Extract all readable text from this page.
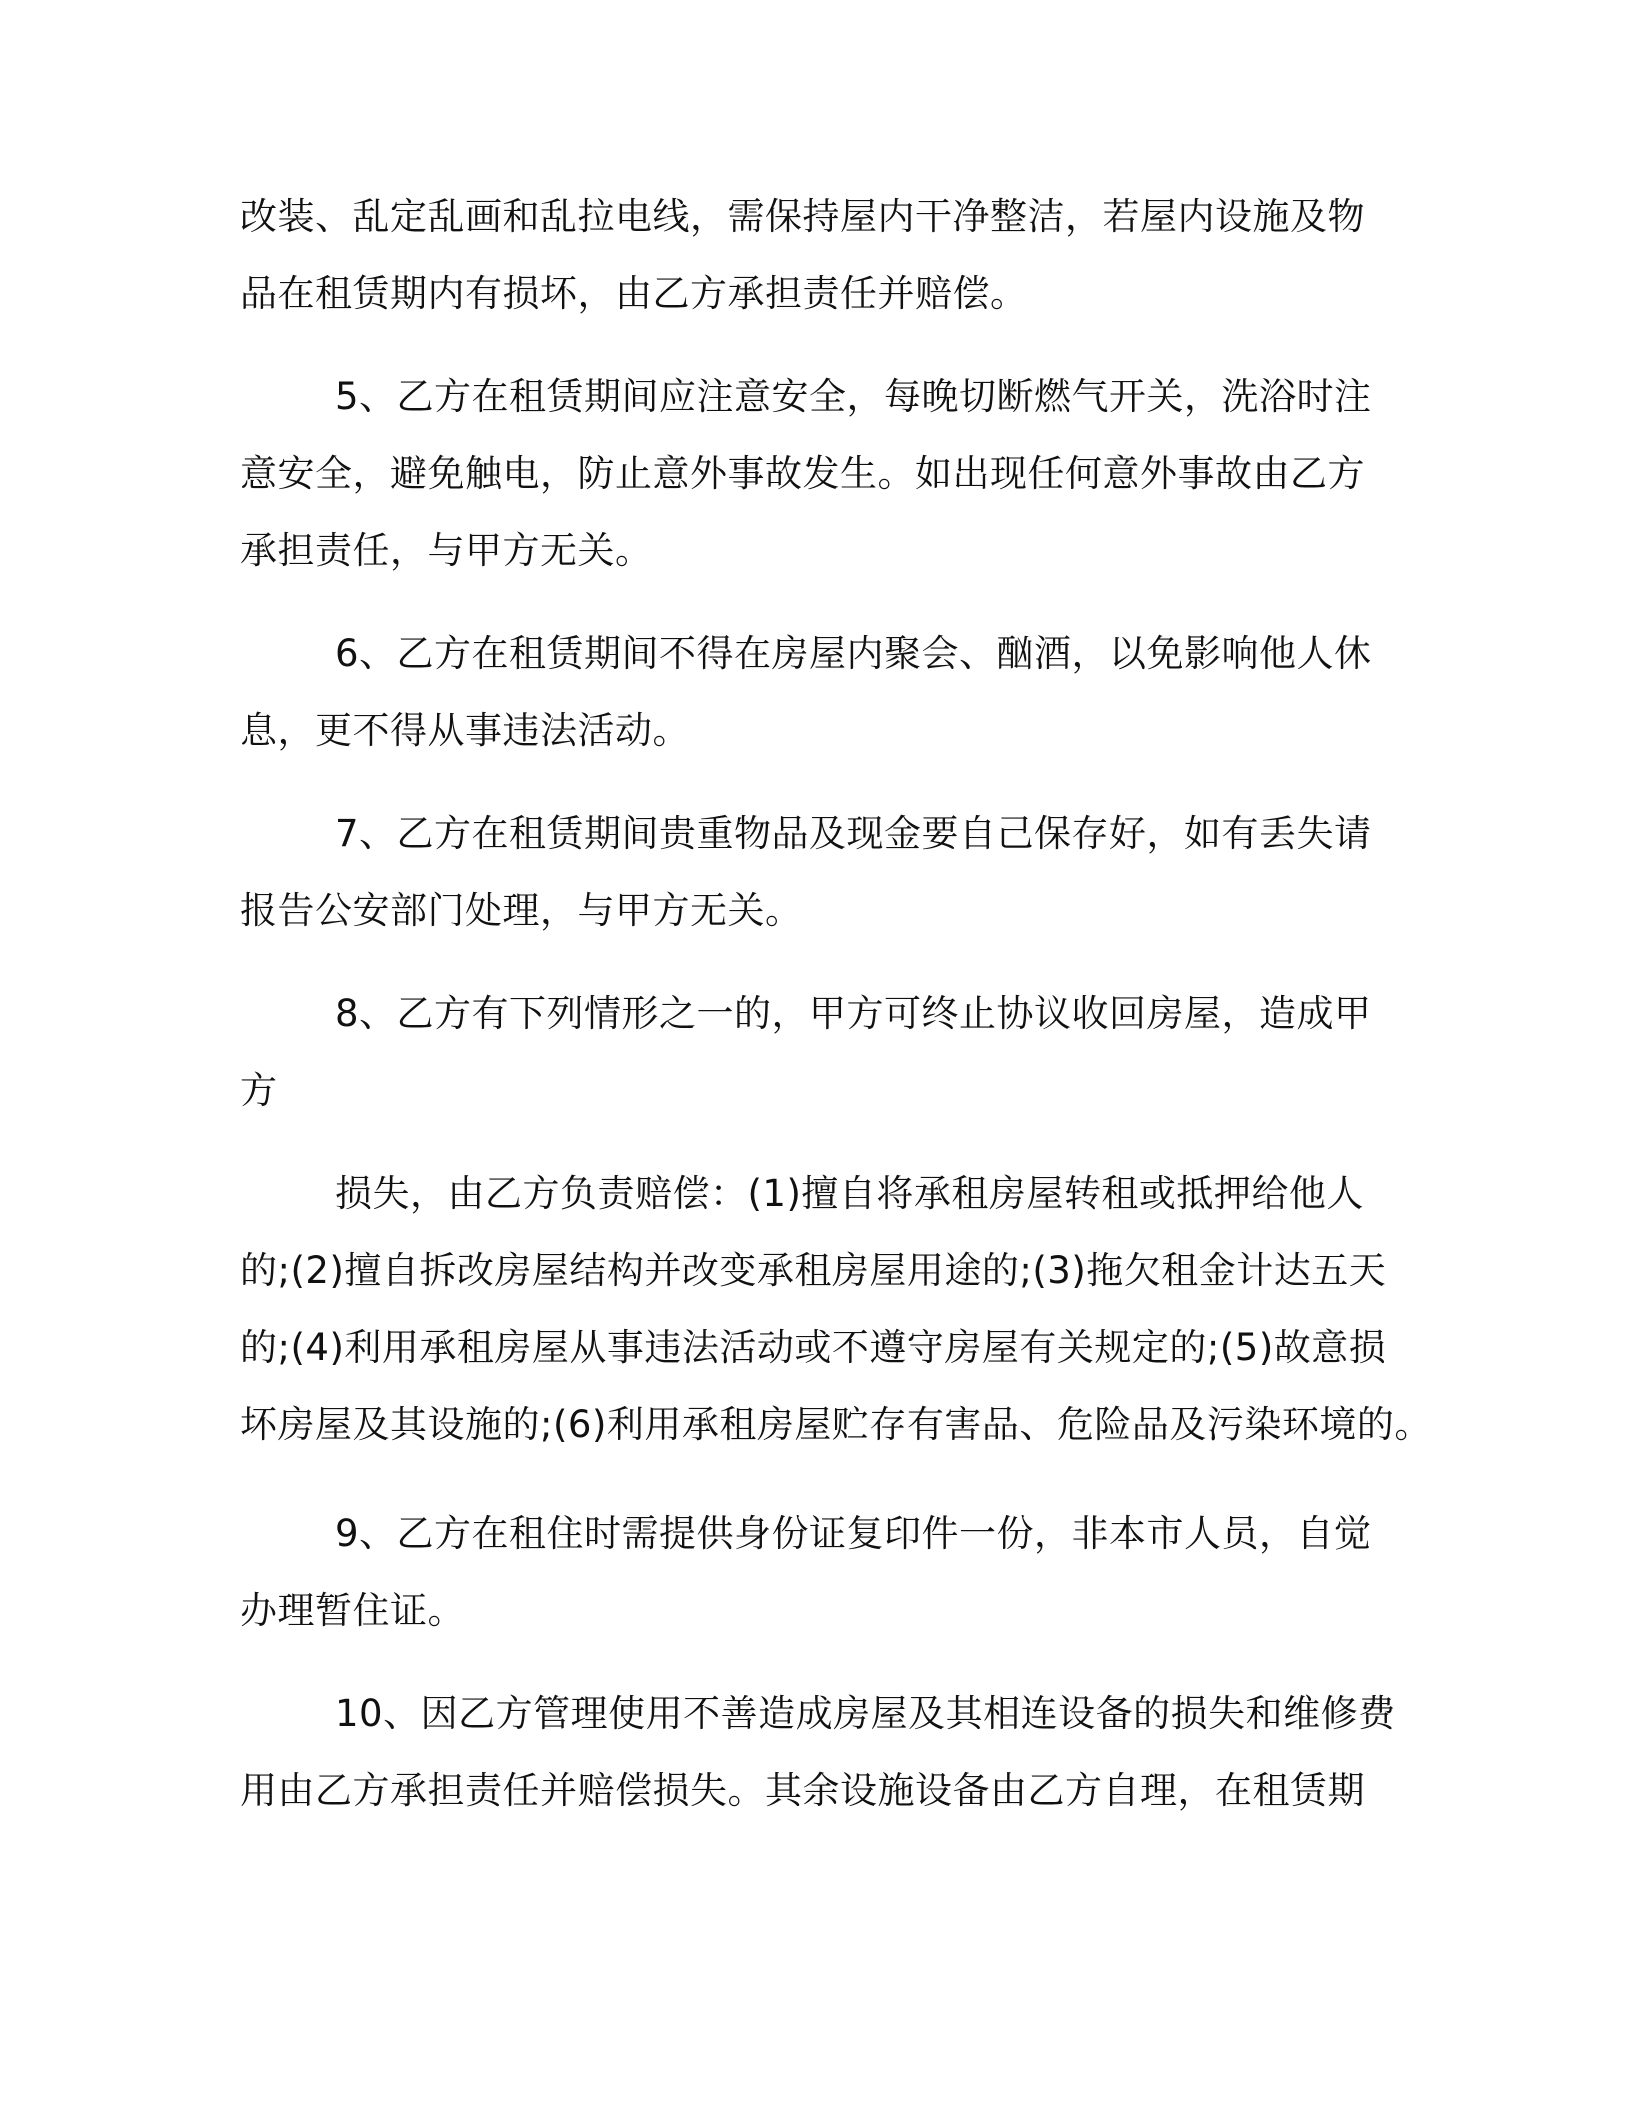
改装、乱定乱画和乱拉电线，需保持屋内干净整洁，若屋内设施及物
品在租赁期内有损坏，由乙方承担责任并赔偿。
5、乙方在租赁期间应注意安全，每晚切断燃气开关，洗浴时注
意安全，避免触电，防止意外事故发生。如出现任何意外事故由乙方
承担责任，与甲方无关。
6、乙方在租赁期间不得在房屋内聚会、酗酒，以免影响他人休
息，更不得从事违法活动。
7、乙方在租赁期间贵重物品及现金要自己保存好，如有丢失请
报告公安部门处理，与甲方无关。
8、乙方有下列情形之一的，甲方可终止协议收回房屋，造成甲
方
损失，由乙方负责赔偿：(1)擅自将承租房屋转租或抵押给他人
的;(2)擅自拆改房屋结构并改变承租房屋用途的;(3)拖欠租金计达五天
的;(4)利用承租房屋从事违法活动或不遵守房屋有关规定的;(5)故意损
坏房屋及其设施的;(6)利用承租房屋贮存有害品、危险品及污染环境的。
9、乙方在租住时需提供身份证复印件一份，非本市人员，自觉
办理暂住证。
10、因乙方管理使用不善造成房屋及其相连设备的损失和维修费
用由乙方承担责任并赔偿损失。其余设施设备由乙方自理，在租赁期
